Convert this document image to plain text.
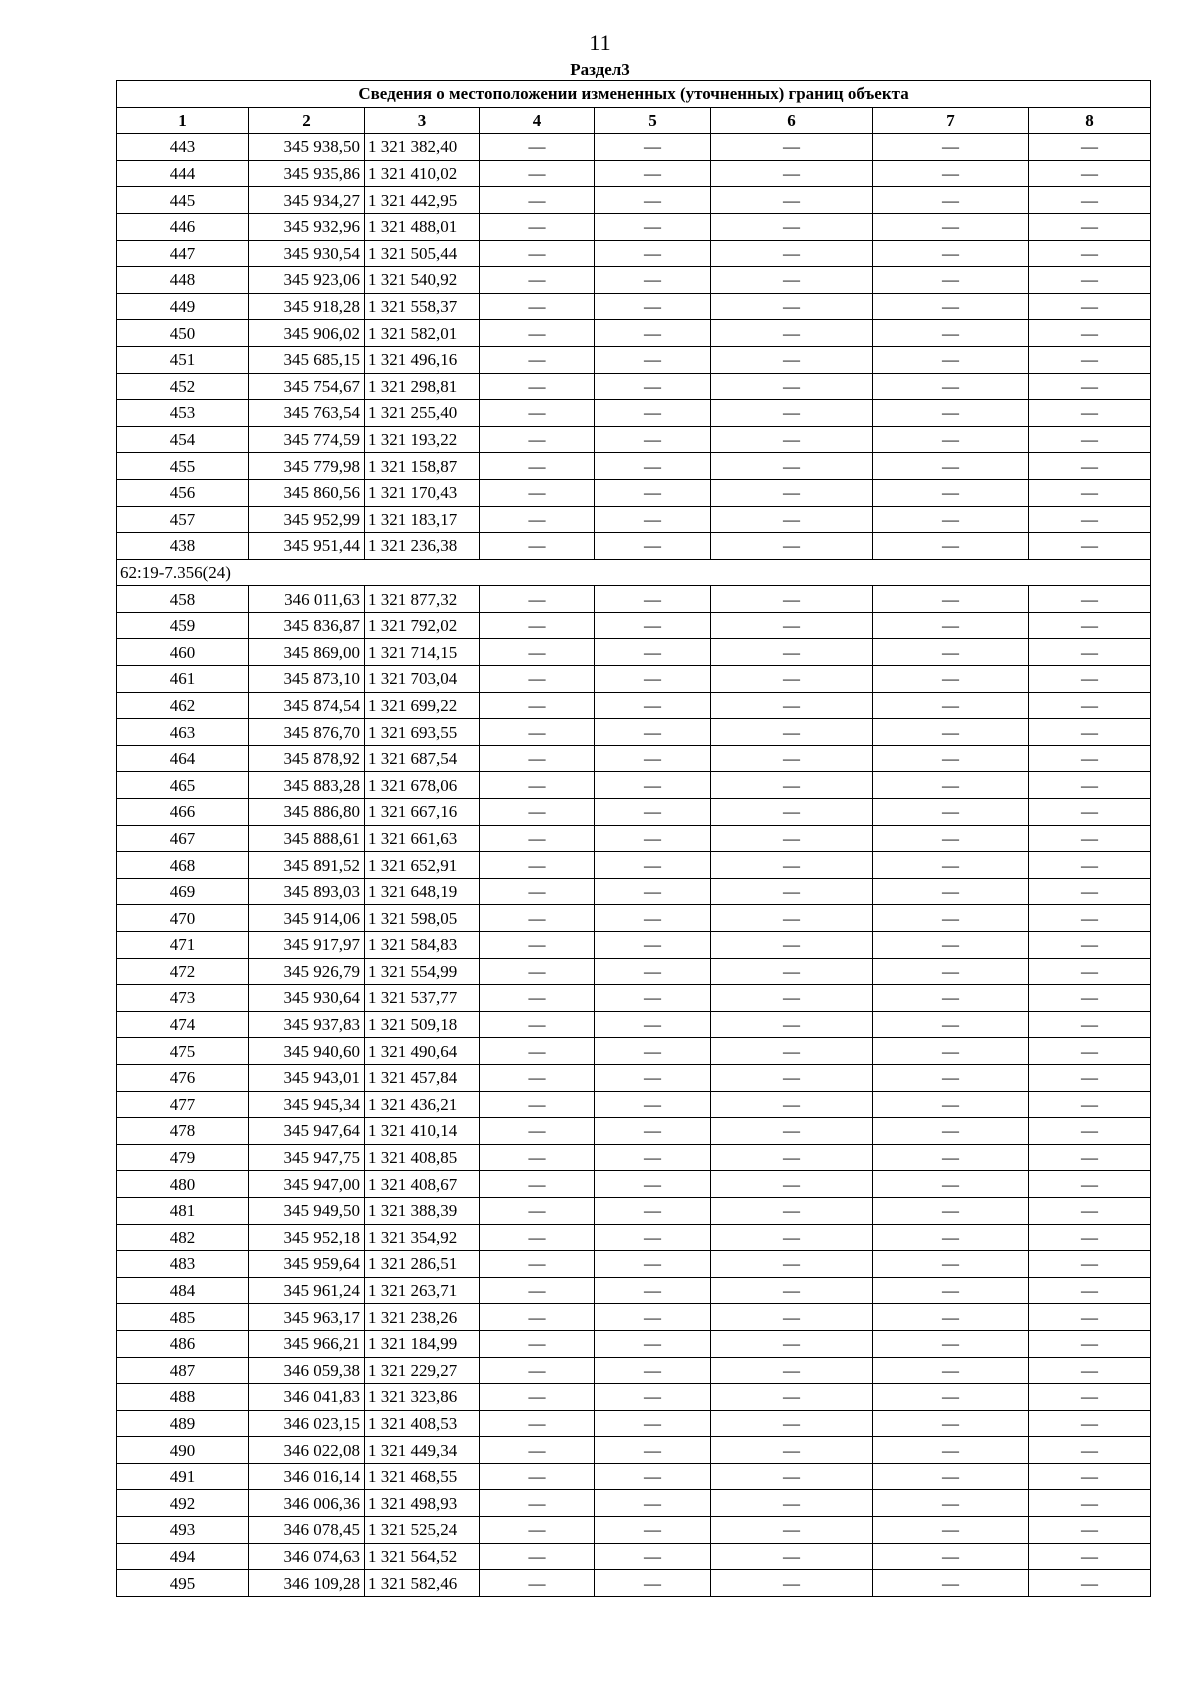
11
Раздел3
Сведения о местоположении измененных (уточненных) границ объекта							
1	2	3	4	5	6	7	8
443	345 938,50	1 321 382,40	—	—	—	—	—
444	345 935,86	1 321 410,02	—	—	—	—	—
445	345 934,27	1 321 442,95	—	—	—	—	—
446	345 932,96	1 321 488,01	—	—	—	—	—
447	345 930,54	1 321 505,44	—	—	—	—	—
448	345 923,06	1 321 540,92	—	—	—	—	—
449	345 918,28	1 321 558,37	—	—	—	—	—
450	345 906,02	1 321 582,01	—	—	—	—	—
451	345 685,15	1 321 496,16	—	—	—	—	—
452	345 754,67	1 321 298,81	—	—	—	—	—
453	345 763,54	1 321 255,40	—	—	—	—	—
454	345 774,59	1 321 193,22	—	—	—	—	—
455	345 779,98	1 321 158,87	—	—	—	—	—
456	345 860,56	1 321 170,43	—	—	—	—	—
457	345 952,99	1 321 183,17	—	—	—	—	—
438	345 951,44	1 321 236,38	—	—	—	—	—
62:19-7.356(24)							
458	346 011,63	1 321 877,32	—	—	—	—	—
459	345 836,87	1 321 792,02	—	—	—	—	—
460	345 869,00	1 321 714,15	—	—	—	—	—
461	345 873,10	1 321 703,04	—	—	—	—	—
462	345 874,54	1 321 699,22	—	—	—	—	—
463	345 876,70	1 321 693,55	—	—	—	—	—
464	345 878,92	1 321 687,54	—	—	—	—	—
465	345 883,28	1 321 678,06	—	—	—	—	—
466	345 886,80	1 321 667,16	—	—	—	—	—
467	345 888,61	1 321 661,63	—	—	—	—	—
468	345 891,52	1 321 652,91	—	—	—	—	—
469	345 893,03	1 321 648,19	—	—	—	—	—
470	345 914,06	1 321 598,05	—	—	—	—	—
471	345 917,97	1 321 584,83	—	—	—	—	—
472	345 926,79	1 321 554,99	—	—	—	—	—
473	345 930,64	1 321 537,77	—	—	—	—	—
474	345 937,83	1 321 509,18	—	—	—	—	—
475	345 940,60	1 321 490,64	—	—	—	—	—
476	345 943,01	1 321 457,84	—	—	—	—	—
477	345 945,34	1 321 436,21	—	—	—	—	—
478	345 947,64	1 321 410,14	—	—	—	—	—
479	345 947,75	1 321 408,85	—	—	—	—	—
480	345 947,00	1 321 408,67	—	—	—	—	—
481	345 949,50	1 321 388,39	—	—	—	—	—
482	345 952,18	1 321 354,92	—	—	—	—	—
483	345 959,64	1 321 286,51	—	—	—	—	—
484	345 961,24	1 321 263,71	—	—	—	—	—
485	345 963,17	1 321 238,26	—	—	—	—	—
486	345 966,21	1 321 184,99	—	—	—	—	—
487	346 059,38	1 321 229,27	—	—	—	—	—
488	346 041,83	1 321 323,86	—	—	—	—	—
489	346 023,15	1 321 408,53	—	—	—	—	—
490	346 022,08	1 321 449,34	—	—	—	—	—
491	346 016,14	1 321 468,55	—	—	—	—	—
492	346 006,36	1 321 498,93	—	—	—	—	—
493	346 078,45	1 321 525,24	—	—	—	—	—
494	346 074,63	1 321 564,52	—	—	—	—	—
495	346 109,28	1 321 582,46	—	—	—	—	—
